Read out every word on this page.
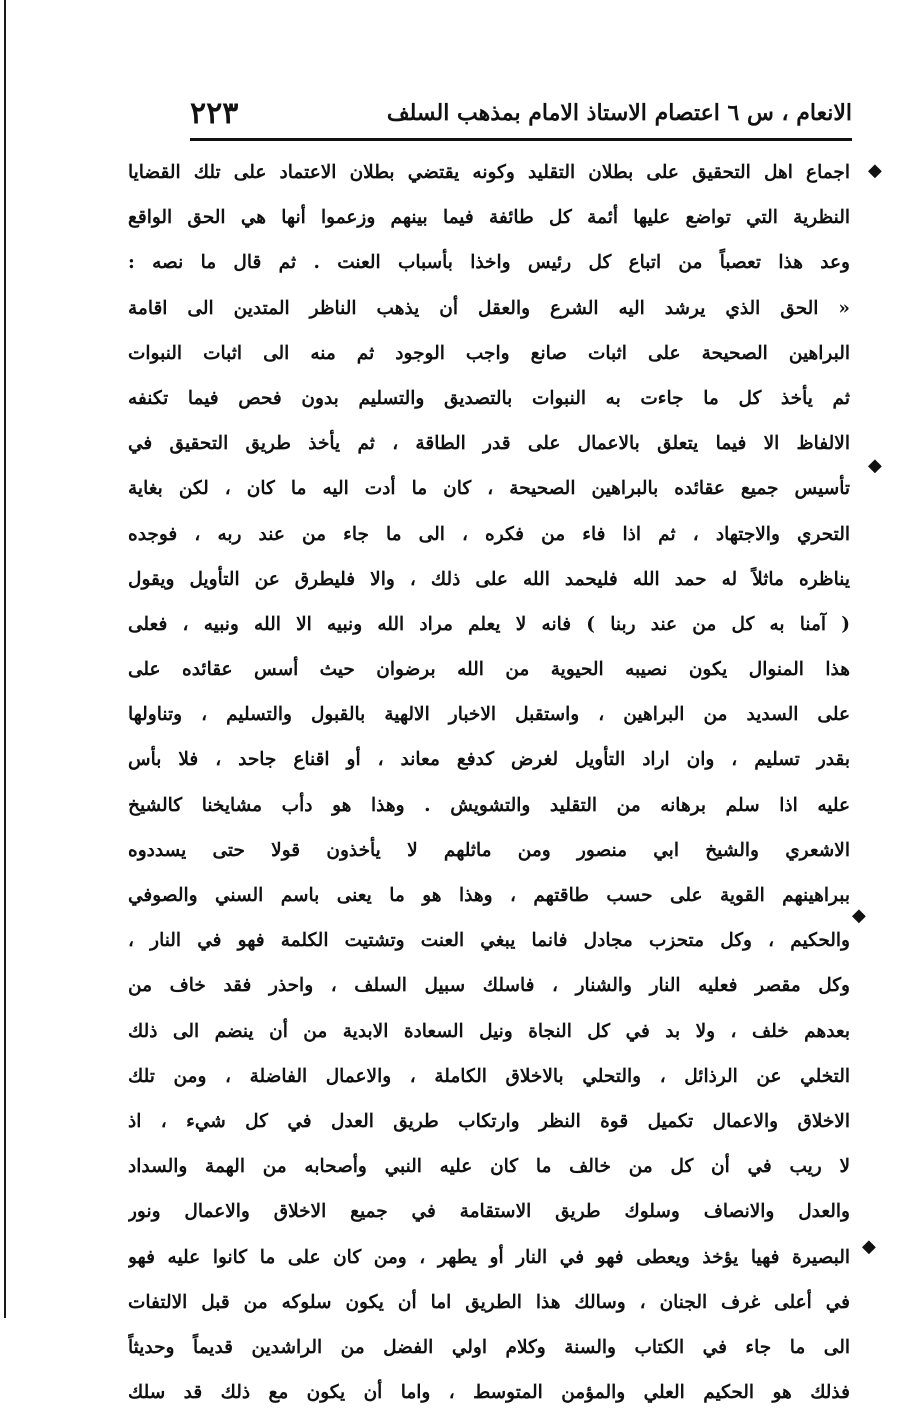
الانعام ، س ٦ اعتصام الاستاذ الامام بمذهب السلف
٢٢٣
◆
◆
◆
◆
اجماع اهل التحقيق على بطلان التقليد وكونه يقتضي بطلان الاعتماد على تلك القضايا
النظرية التي تواضع عليها أئمة كل طائفة فيما بينهم وزعموا أنها هي الحق الواقع
وعد هذا تعصباً من اتباع كل رئيس واخذا بأسباب العنت . ثم قال ما نصه :
« الحق الذي يرشد اليه الشرع والعقل أن يذهب الناظر المتدين الى اقامة
البراهين الصحيحة على اثبات صانع واجب الوجود ثم منه الى اثبات النبوات
ثم يأخذ كل ما جاءت به النبوات بالتصديق والتسليم بدون فحص فيما تكنفه
الالفاظ الا فيما يتعلق بالاعمال على قدر الطاقة ، ثم يأخذ طريق التحقيق في
تأسيس جميع عقائده بالبراهين الصحيحة ، كان ما أدت اليه ما كان ، لكن بغاية
التحري والاجتهاد ، ثم اذا فاء من فكره ، الى ما جاء من عند ربه ، فوجده
يناظره ماثلاً له حمد الله فليحمد الله على ذلك ، والا فليطرق عن التأويل ويقول
( آمنا به كل من عند ربنا ) فانه لا يعلم مراد الله ونبيه الا الله ونبيه ، فعلى
هذا المنوال يكون نصيبه الحيوية من الله برضوان حيث أسس عقائده على
على السديد من البراهين ، واستقبل الاخبار الالهية بالقبول والتسليم ، وتناولها
بقدر تسليم ، وان اراد التأويل لغرض كدفع معاند ، أو اقناع جاحد ، فلا بأس
عليه اذا سلم برهانه من التقليد والتشويش . وهذا هو دأب مشايخنا كالشيخ
الاشعري والشيخ ابي منصور ومن ماثلهم لا يأخذون قولا حتى يسددوه
ببراهينهم القوية على حسب طاقتهم ، وهذا هو ما يعنى باسم السني والصوفي
والحكيم ، وكل متحزب مجادل فانما يبغي العنت وتشتيت الكلمة فهو في النار ،
وكل مقصر فعليه النار والشنار ، فاسلك سبيل السلف ، واحذر فقد خاف من
بعدهم خلف ، ولا بد في كل النجاة ونيل السعادة الابدية من أن ينضم الى ذلك
التخلي عن الرذائل ، والتحلي بالاخلاق الكاملة ، والاعمال الفاضلة ، ومن تلك
الاخلاق والاعمال تكميل قوة النظر وارتكاب طريق العدل في كل شيء ، اذ
لا ريب في أن كل من خالف ما كان عليه النبي وأصحابه من الهمة والسداد
والعدل والانصاف وسلوك طريق الاستقامة في جميع الاخلاق والاعمال ونور
البصيرة فهيا يؤخذ ويعطى فهو في النار أو يطهر ، ومن كان على ما كانوا عليه فهو
في أعلى غرف الجنان ، وسالك هذا الطريق اما أن يكون سلوكه من قبل الالتفات
الى ما جاء في الكتاب والسنة وكلام اولي الفضل من الراشدين قديماً وحديثاً
فذلك هو الحكيم العلي والمؤمن المتوسط ، واما أن يكون مع ذلك قد سلك
